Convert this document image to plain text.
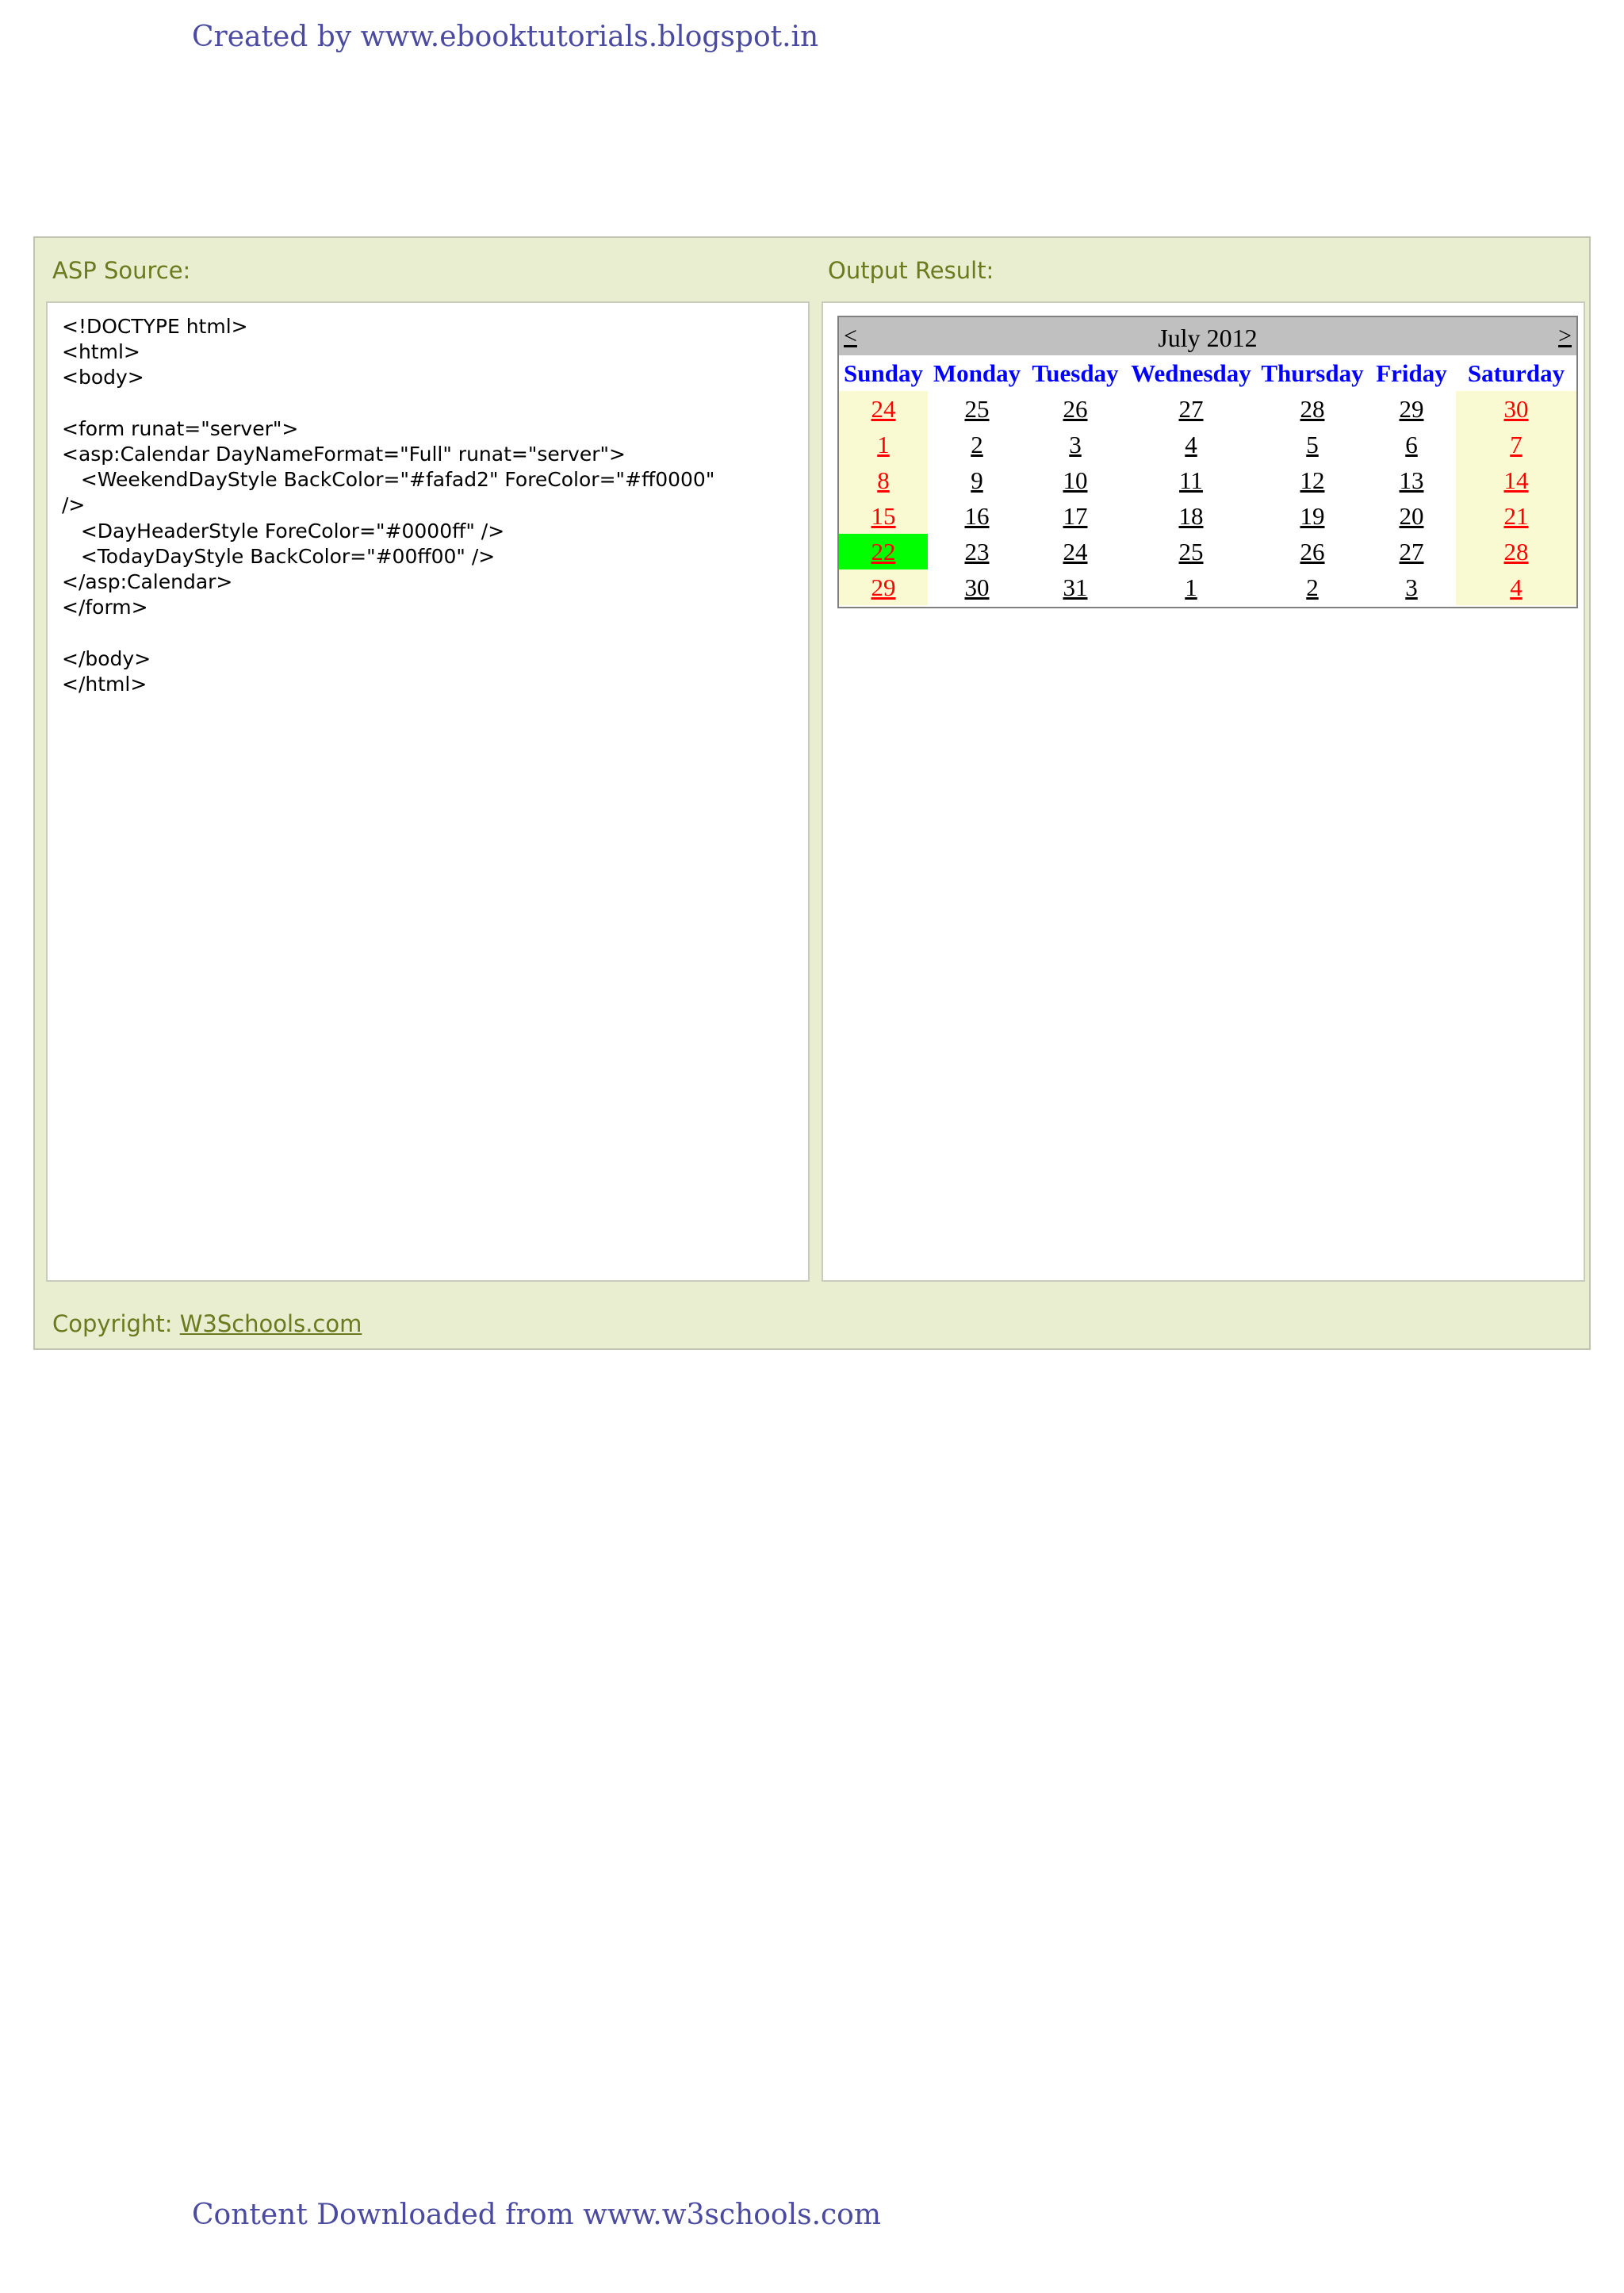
Created by www.ebooktutorials.blogspot.in
ASP Source:	Output Result:
<!DOCTYPE html>
<html>
<body>

<form runat="server">
<asp:Calendar DayNameFormat="Full" runat="server">
<WeekendDayStyle BackColor="#fafad2" ForeColor="#ff0000"
/>
<DayHeaderStyle ForeColor="#0000ff" />
<TodayDayStyle BackColor="#00ff00" />
</asp:Calendar>
</form>

</body>
</html>
<	July 2012	>
Sunday	Monday	Tuesday	Wednesday	Thursday	Friday	Saturday
24	25	26	27	28	29	30
1	2	3	4	5	6	7
8	9	10	11	12	13	14
15	16	17	18	19	20	21
22	23	24	25	26	27	28
29	30	31	1	2	3	4
Copyright: W3Schools.com
Content Downloaded from www.w3schools.com
